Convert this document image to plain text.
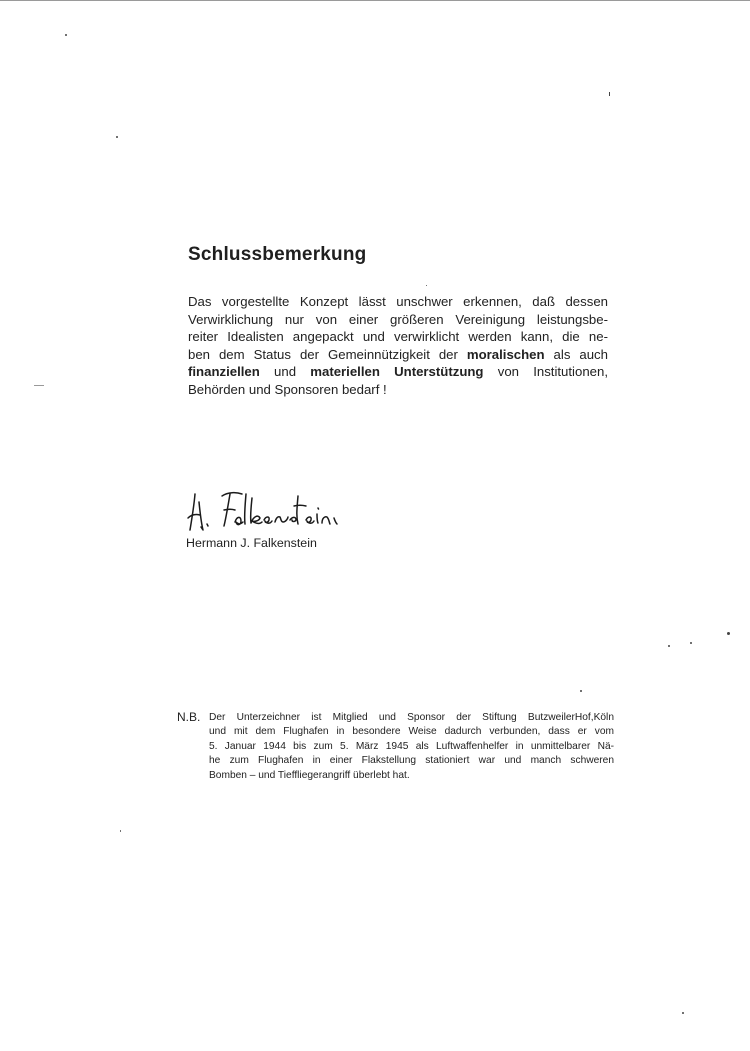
Schlussbemerkung
Das vorgestellte Konzept lässt unschwer erkennen, daß dessen
Verwirklichung nur von einer größeren Vereinigung leistungsbe-
reiter Idealisten angepackt und verwirklicht werden kann, die ne-
ben dem Status der Gemeinnützigkeit der moralischen als auch
finanziellen und materiellen Unterstützung von Institutionen,
Behörden und Sponsoren bedarf !
Hermann J. Falkenstein
N.B. Der Unterzeichner ist Mitglied und Sponsor der Stiftung ButzweilerHof,Köln
und mit dem Flughafen in besondere Weise dadurch verbunden, dass er vom
5. Januar 1944 bis zum 5. März 1945 als Luftwaffenhelfer in unmittelbarer Nä-
he zum Flughafen in einer Flakstellung stationiert war und manch schweren
Bomben – und Tieffliegerangriff überlebt hat.
